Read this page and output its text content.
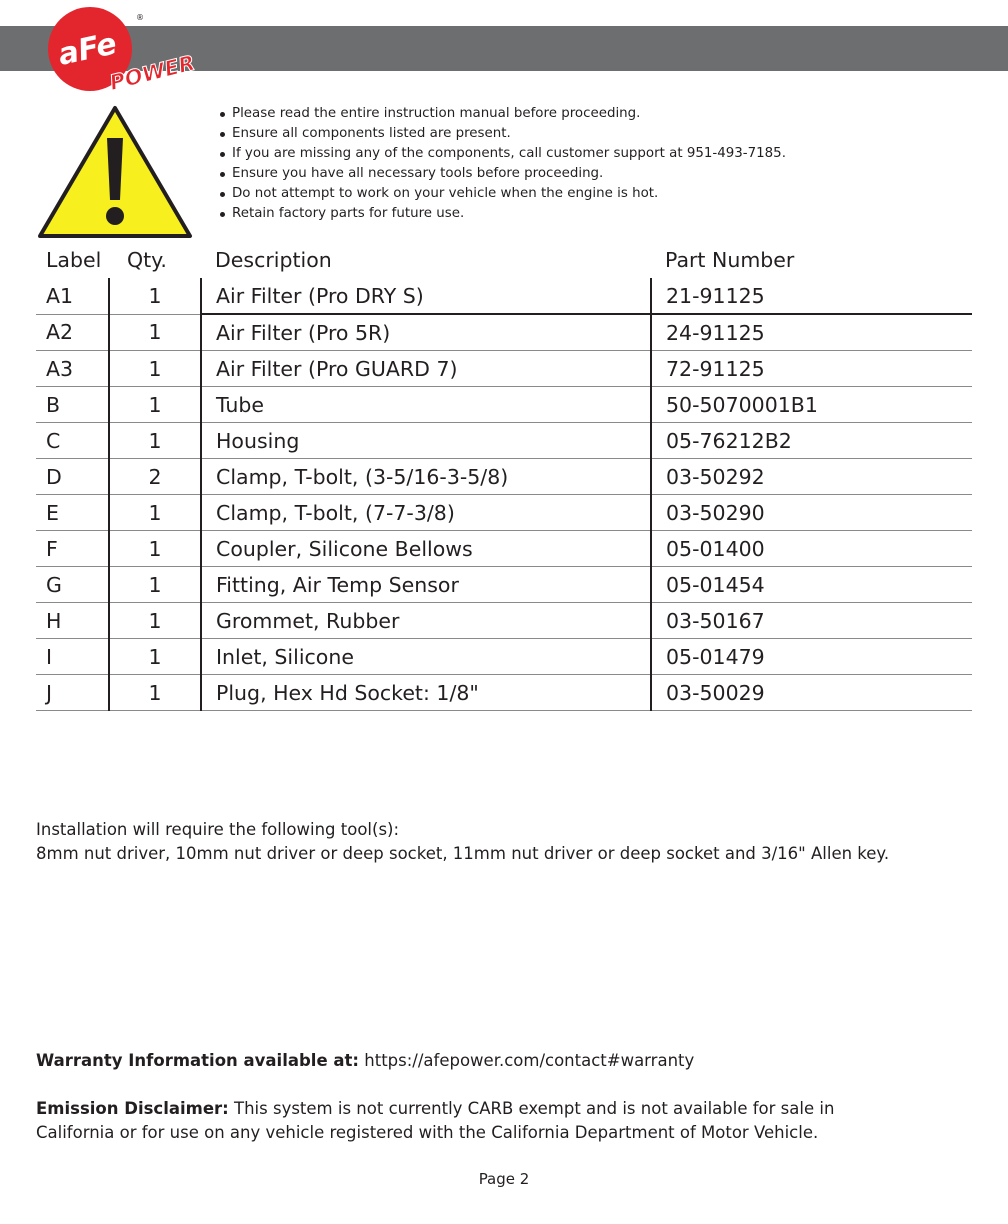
aFe
®
POWER
Please read the entire instruction manual before proceeding.
Ensure all components listed are present.
If you are missing any of the components, call customer support at 951-493-7185.
Ensure you have all necessary tools before proceeding.
Do not attempt to work on your vehicle when the engine is hot.
Retain factory parts for future use.
Label	Qty.	Description	Part Number
A1	1	Air Filter (Pro DRY S)	21-91125
A2	1	Air Filter (Pro 5R)	24-91125
A3	1	Air Filter (Pro GUARD 7)	72-91125
B	1	Tube	50-5070001B1
C	1	Housing	05-76212B2
D	2	Clamp, T-bolt, (3-5/16-3-5/8)	03-50292
E	1	Clamp, T-bolt, (7-7-3/8)	03-50290
F	1	Coupler, Silicone Bellows	05-01400
G	1	Fitting, Air Temp Sensor	05-01454
H	1	Grommet, Rubber	03-50167
I	1	Inlet, Silicone	05-01479
J	1	Plug, Hex Hd Socket: 1/8"	03-50029
Installation will require the following tool(s):
8mm nut driver, 10mm nut driver or deep socket, 11mm nut driver or deep socket and 3/16" Allen key.
Warranty Information available at: https://afepower.com/contact#warranty
Emission Disclaimer: This system is not currently CARB exempt and is not available for sale in
California or for use on any vehicle registered with the California Department of Motor Vehicle.
Page 2
